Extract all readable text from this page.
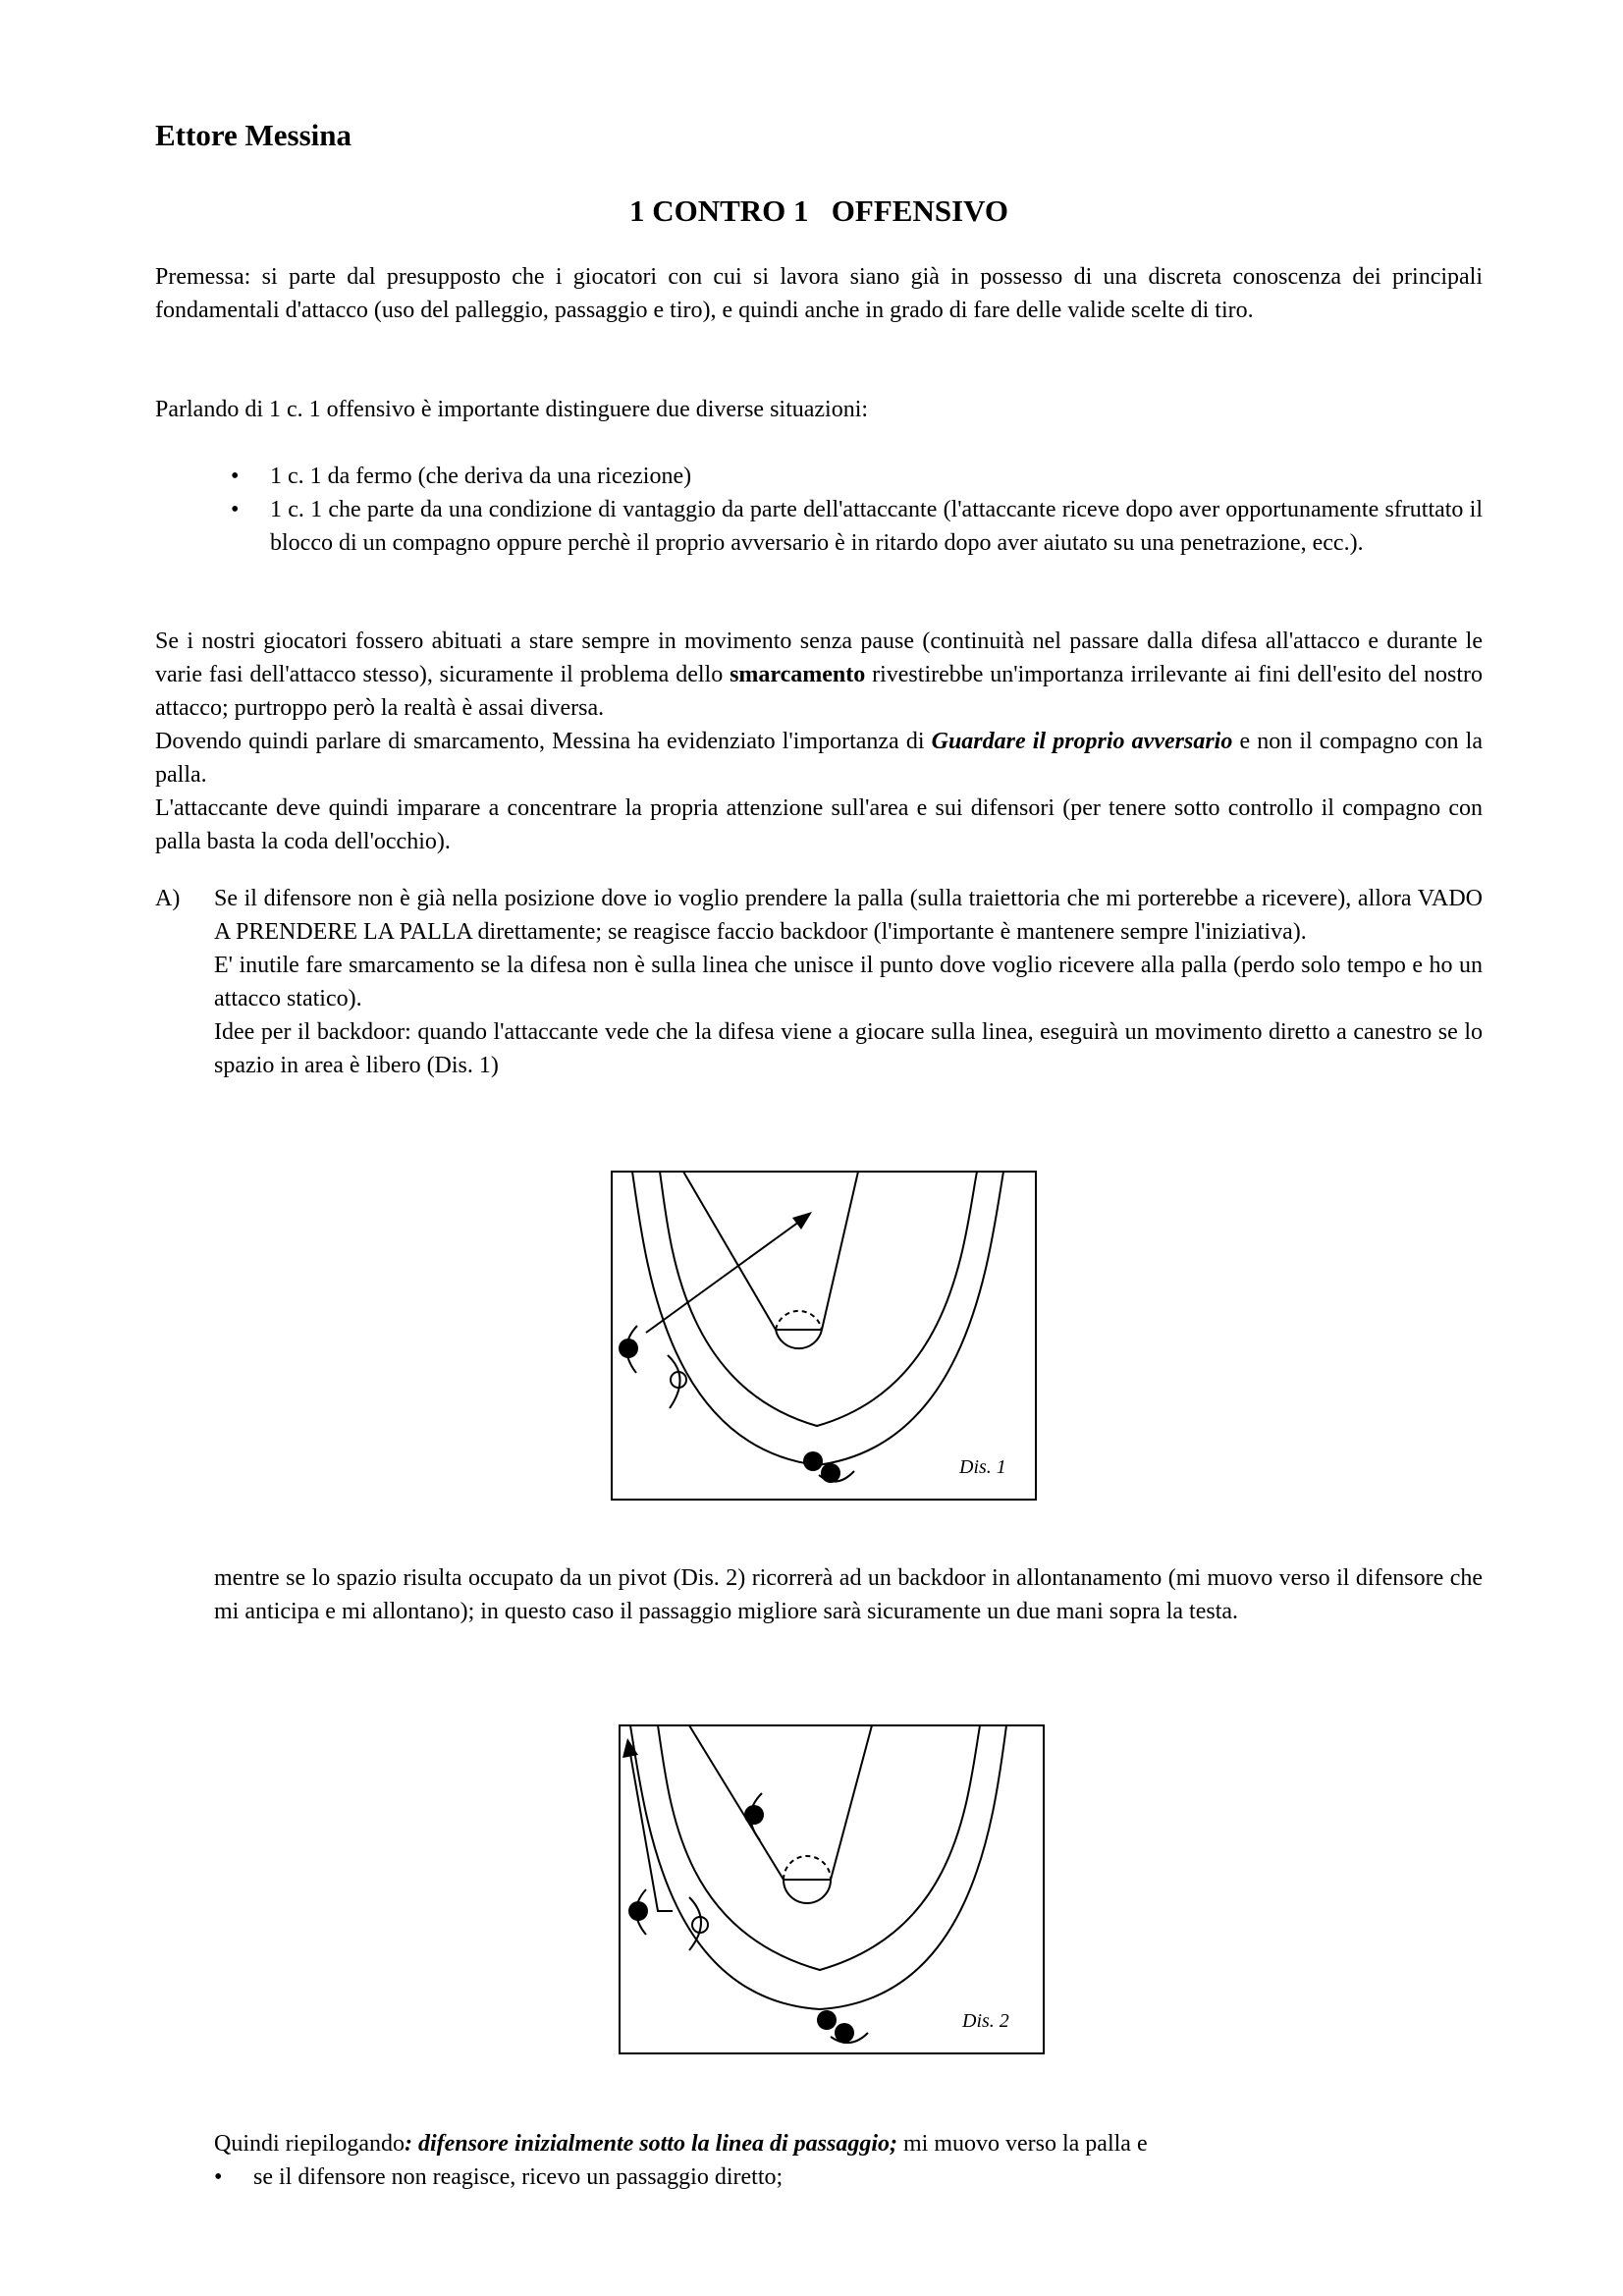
Ettore Messina

1 CONTRO 1   OFFENSIVO

Premessa: si parte dal presupposto che i giocatori con cui si lavora siano già in possesso di una discreta conoscenza dei principali fondamentali d'attacco (uso del palleggio, passaggio e tiro), e quindi anche in grado di fare delle valide scelte di tiro.

Parlando di 1 c. 1 offensivo è importante distinguere due diverse situazioni:

• 1 c. 1 da fermo (che deriva da una ricezione)
• 1 c. 1 che parte da una condizione di vantaggio da parte dell'attaccante (l'attaccante riceve dopo aver opportunamente sfruttato il blocco di un compagno oppure perchè il proprio avversario è in ritardo dopo aver aiutato su una penetrazione, ecc.).

Se i nostri giocatori fossero abituati a stare sempre in movimento senza pause (continuità nel passare dalla difesa all'attacco e durante le varie fasi dell'attacco stesso), sicuramente il problema dello smarcamento rivestirebbe un'importanza irrilevante ai fini dell'esito del nostro attacco; purtroppo però la realtà è assai diversa.

Dovendo quindi parlare di smarcamento, Messina ha evidenziato l'importanza di Guardare il proprio avversario e non il compagno con la palla.

L'attaccante deve quindi imparare a concentrare la propria attenzione sull'area e sui difensori (per tenere sotto controllo il compagno con palla basta la coda dell'occhio).

A) Se il difensore non è già nella posizione dove io voglio prendere la palla (sulla traiettoria che mi porterebbe a ricevere), allora VADO A PRENDERE LA PALLA direttamente; se reagisce faccio backdoor (l'importante è mantenere sempre l'iniziativa).

E' inutile fare smarcamento se la difesa non è sulla linea che unisce il punto dove voglio ricevere alla palla (perdo solo tempo e ho un attacco statico).

Idee per il backdoor: quando l'attaccante vede che la difesa viene a giocare sulla linea, eseguirà un movimento diretto a canestro se lo spazio in area è libero (Dis. 1)

Dis. 1

mentre se lo spazio risulta occupato da un pivot (Dis. 2) ricorrerà ad un backdoor in allontanamento (mi muovo verso il difensore che mi anticipa e mi allontano); in questo caso il passaggio migliore sarà sicuramente un due mani sopra la testa.

Dis. 2

Quindi riepilogando: difensore inizialmente sotto la linea di passaggio; mi muovo verso la palla e

• se il difensore non reagisce, ricevo un passaggio diretto;
